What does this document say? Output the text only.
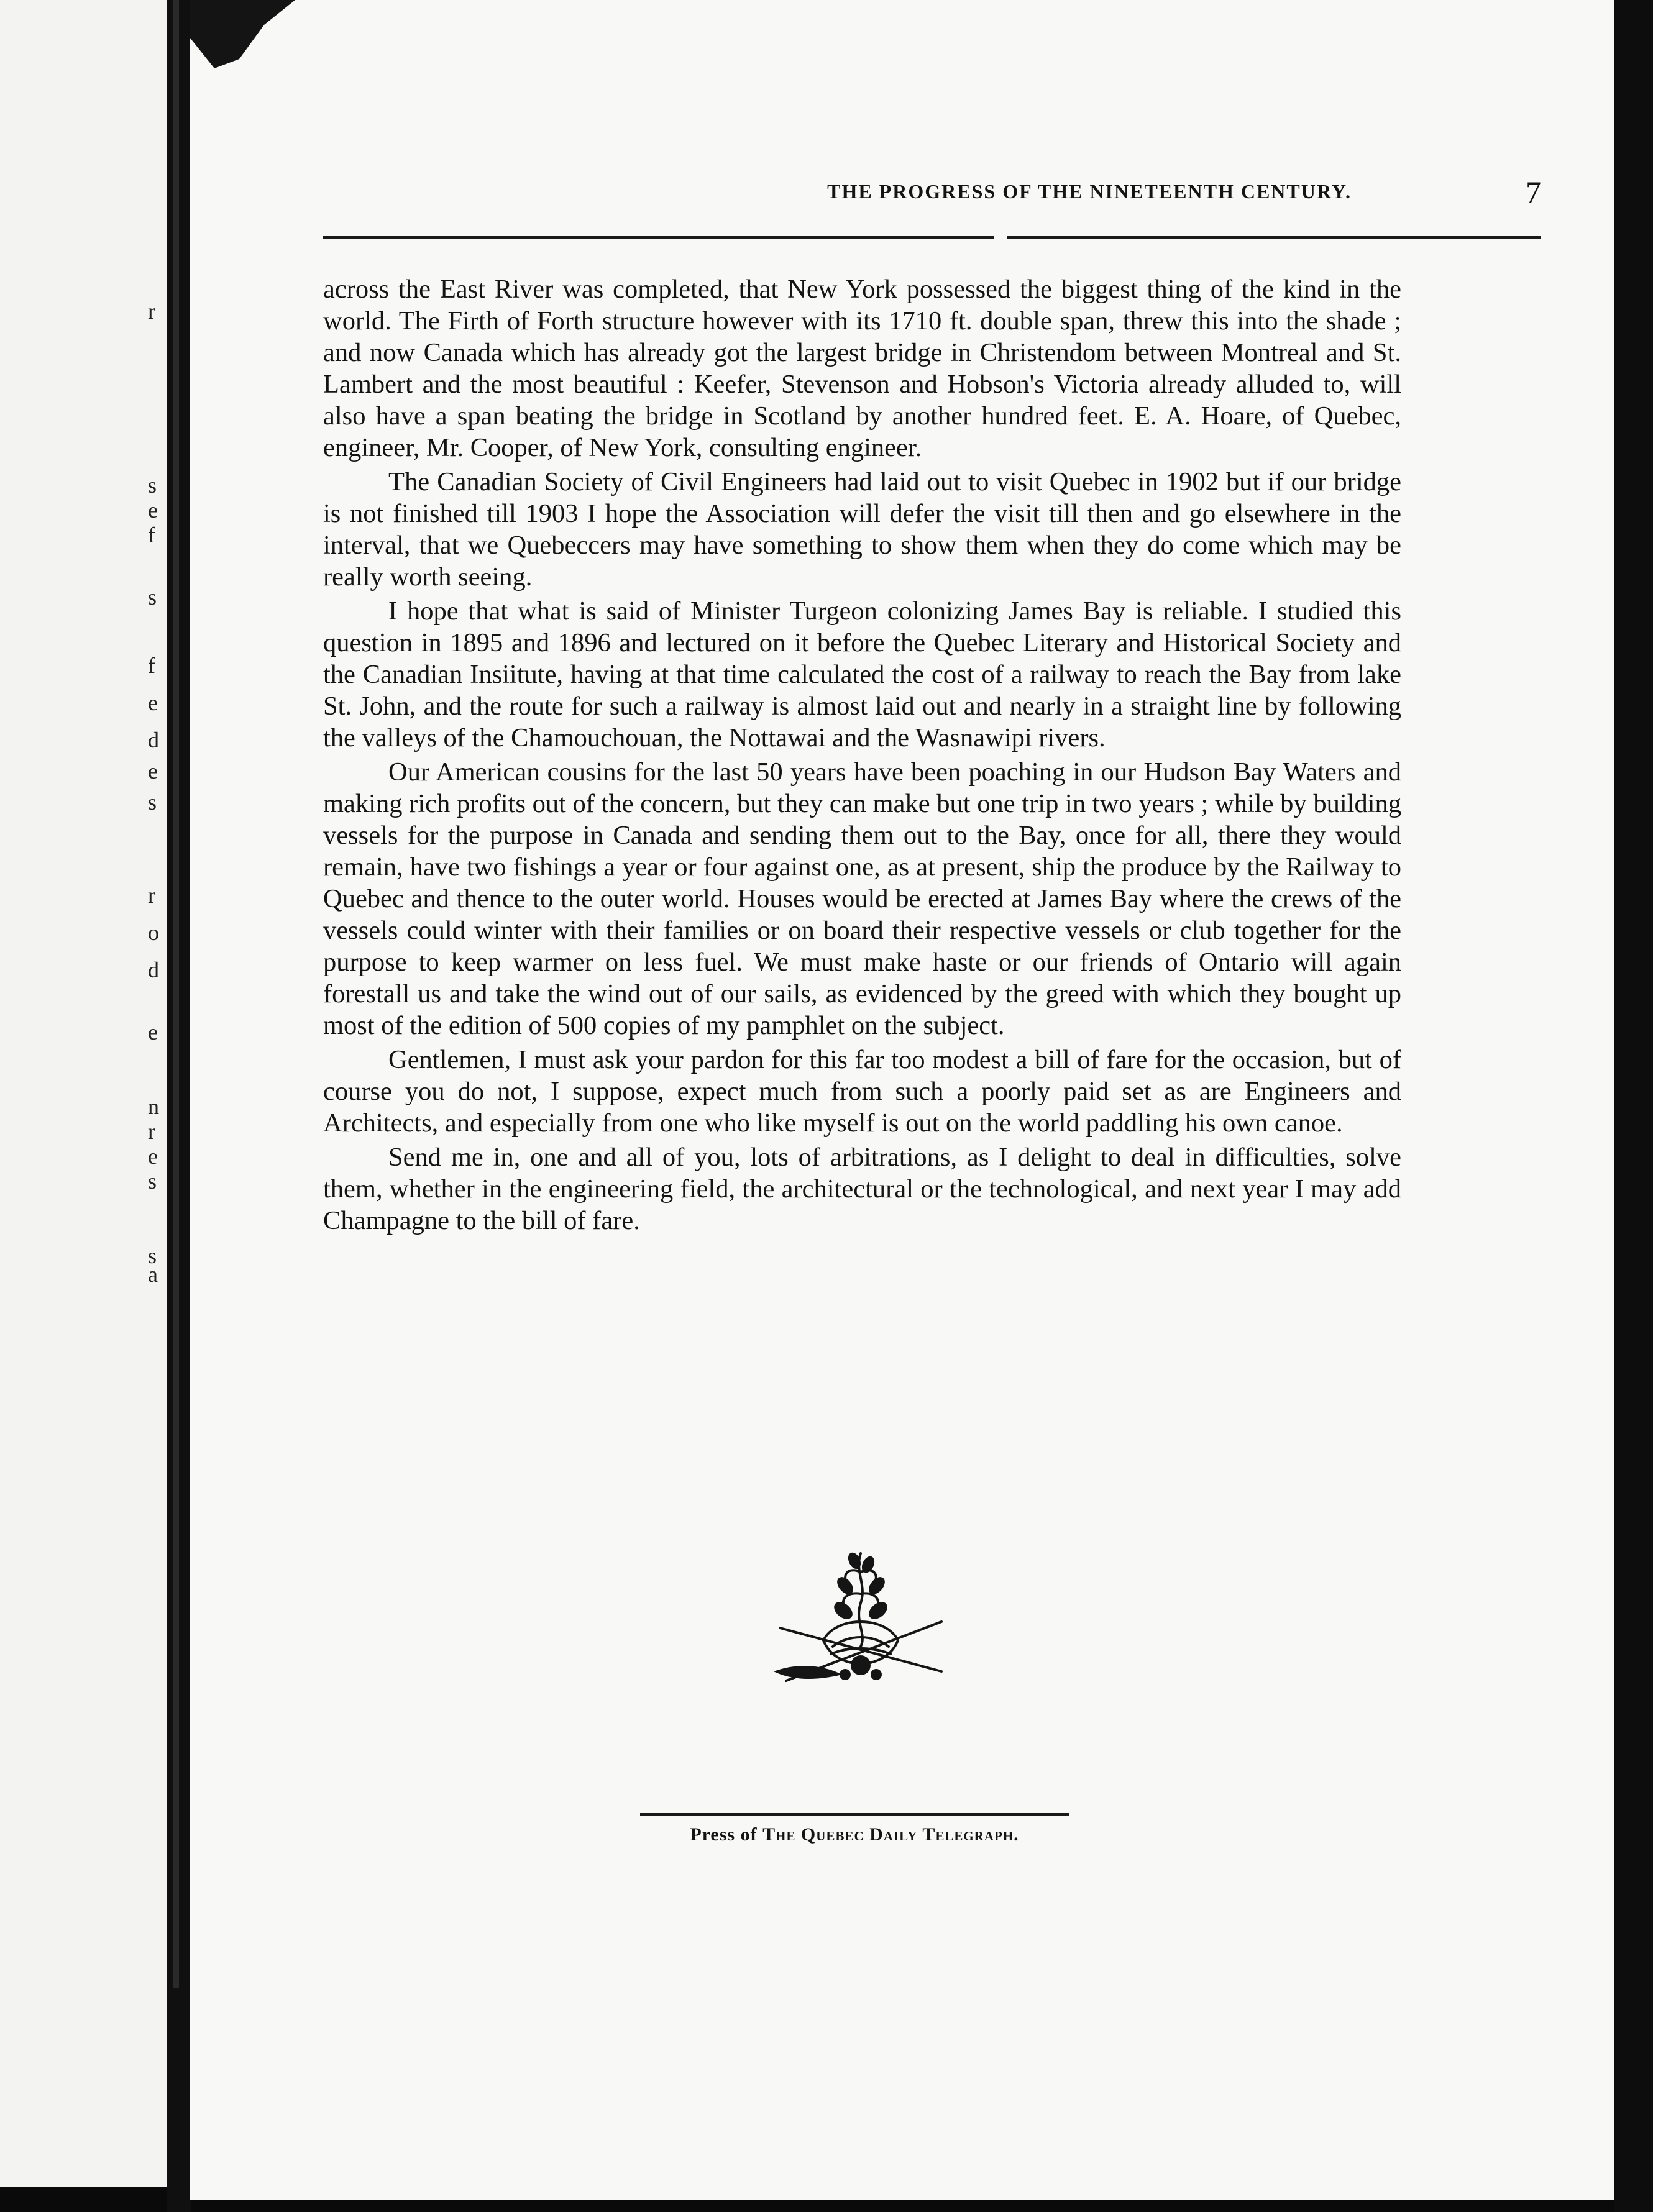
r
s
e
f
s
f
e
d
e
s
r
o
d
e
n
r
e
s
s
a
THE PROGRESS OF THE NINETEENTH CENTURY.	7

across the East River was completed, that New York possessed the biggest thing of the kind in the world. The Firth of Forth structure however with its 1710 ft. double span, threw this into the shade ; and now Canada which has already got the largest bridge in Christendom between Montreal and St. Lambert and the most beautiful : Keefer, Stevenson and Hobson's Victoria already alluded to, will also have a span beating the bridge in Scotland by another hundred feet. E. A. Hoare, of Quebec, engineer, Mr. Cooper, of New York, consulting engineer.

The Canadian Society of Civil Engineers had laid out to visit Quebec in 1902 but if our bridge is not finished till 1903 I hope the Association will defer the visit till then and go elsewhere in the interval, that we Quebeccers may have something to show them when they do come which may be really worth seeing.

I hope that what is said of Minister Turgeon colonizing James Bay is reliable. I studied this question in 1895 and 1896 and lectured on it before the Quebec Literary and Historical Society and the Canadian Insiitute, having at that time calculated the cost of a railway to reach the Bay from lake St. John, and the route for such a railway is almost laid out and nearly in a straight line by following the valleys of the Chamouchouan, the Nottawai and the Wasnawipi rivers.

Our American cousins for the last 50 years have been poaching in our Hudson Bay Waters and making rich profits out of the concern, but they can make but one trip in two years ; while by building vessels for the purpose in Canada and sending them out to the Bay, once for all, there they would remain, have two fishings a year or four against one, as at present, ship the produce by the Railway to Quebec and thence to the outer world. Houses would be erected at James Bay where the crews of the vessels could winter with their families or on board their respective vessels or club together for the purpose to keep warmer on less fuel. We must make haste or our friends of Ontario will again forestall us and take the wind out of our sails, as evidenced by the greed with which they bought up most of the edition of 500 copies of my pamphlet on the subject.

Gentlemen, I must ask your pardon for this far too modest a bill of fare for the occasion, but of course you do not, I suppose, expect much from such a poorly paid set as are Engineers and Architects, and especially from one who like myself is out on the world paddling his own canoe.

Send me in, one and all of you, lots of arbitrations, as I delight to deal in difficulties, solve them, whether in the engineering field, the architectural or the technological, and next year I may add Champagne to the bill of fare.

Press of The Quebec Daily Telegraph.
